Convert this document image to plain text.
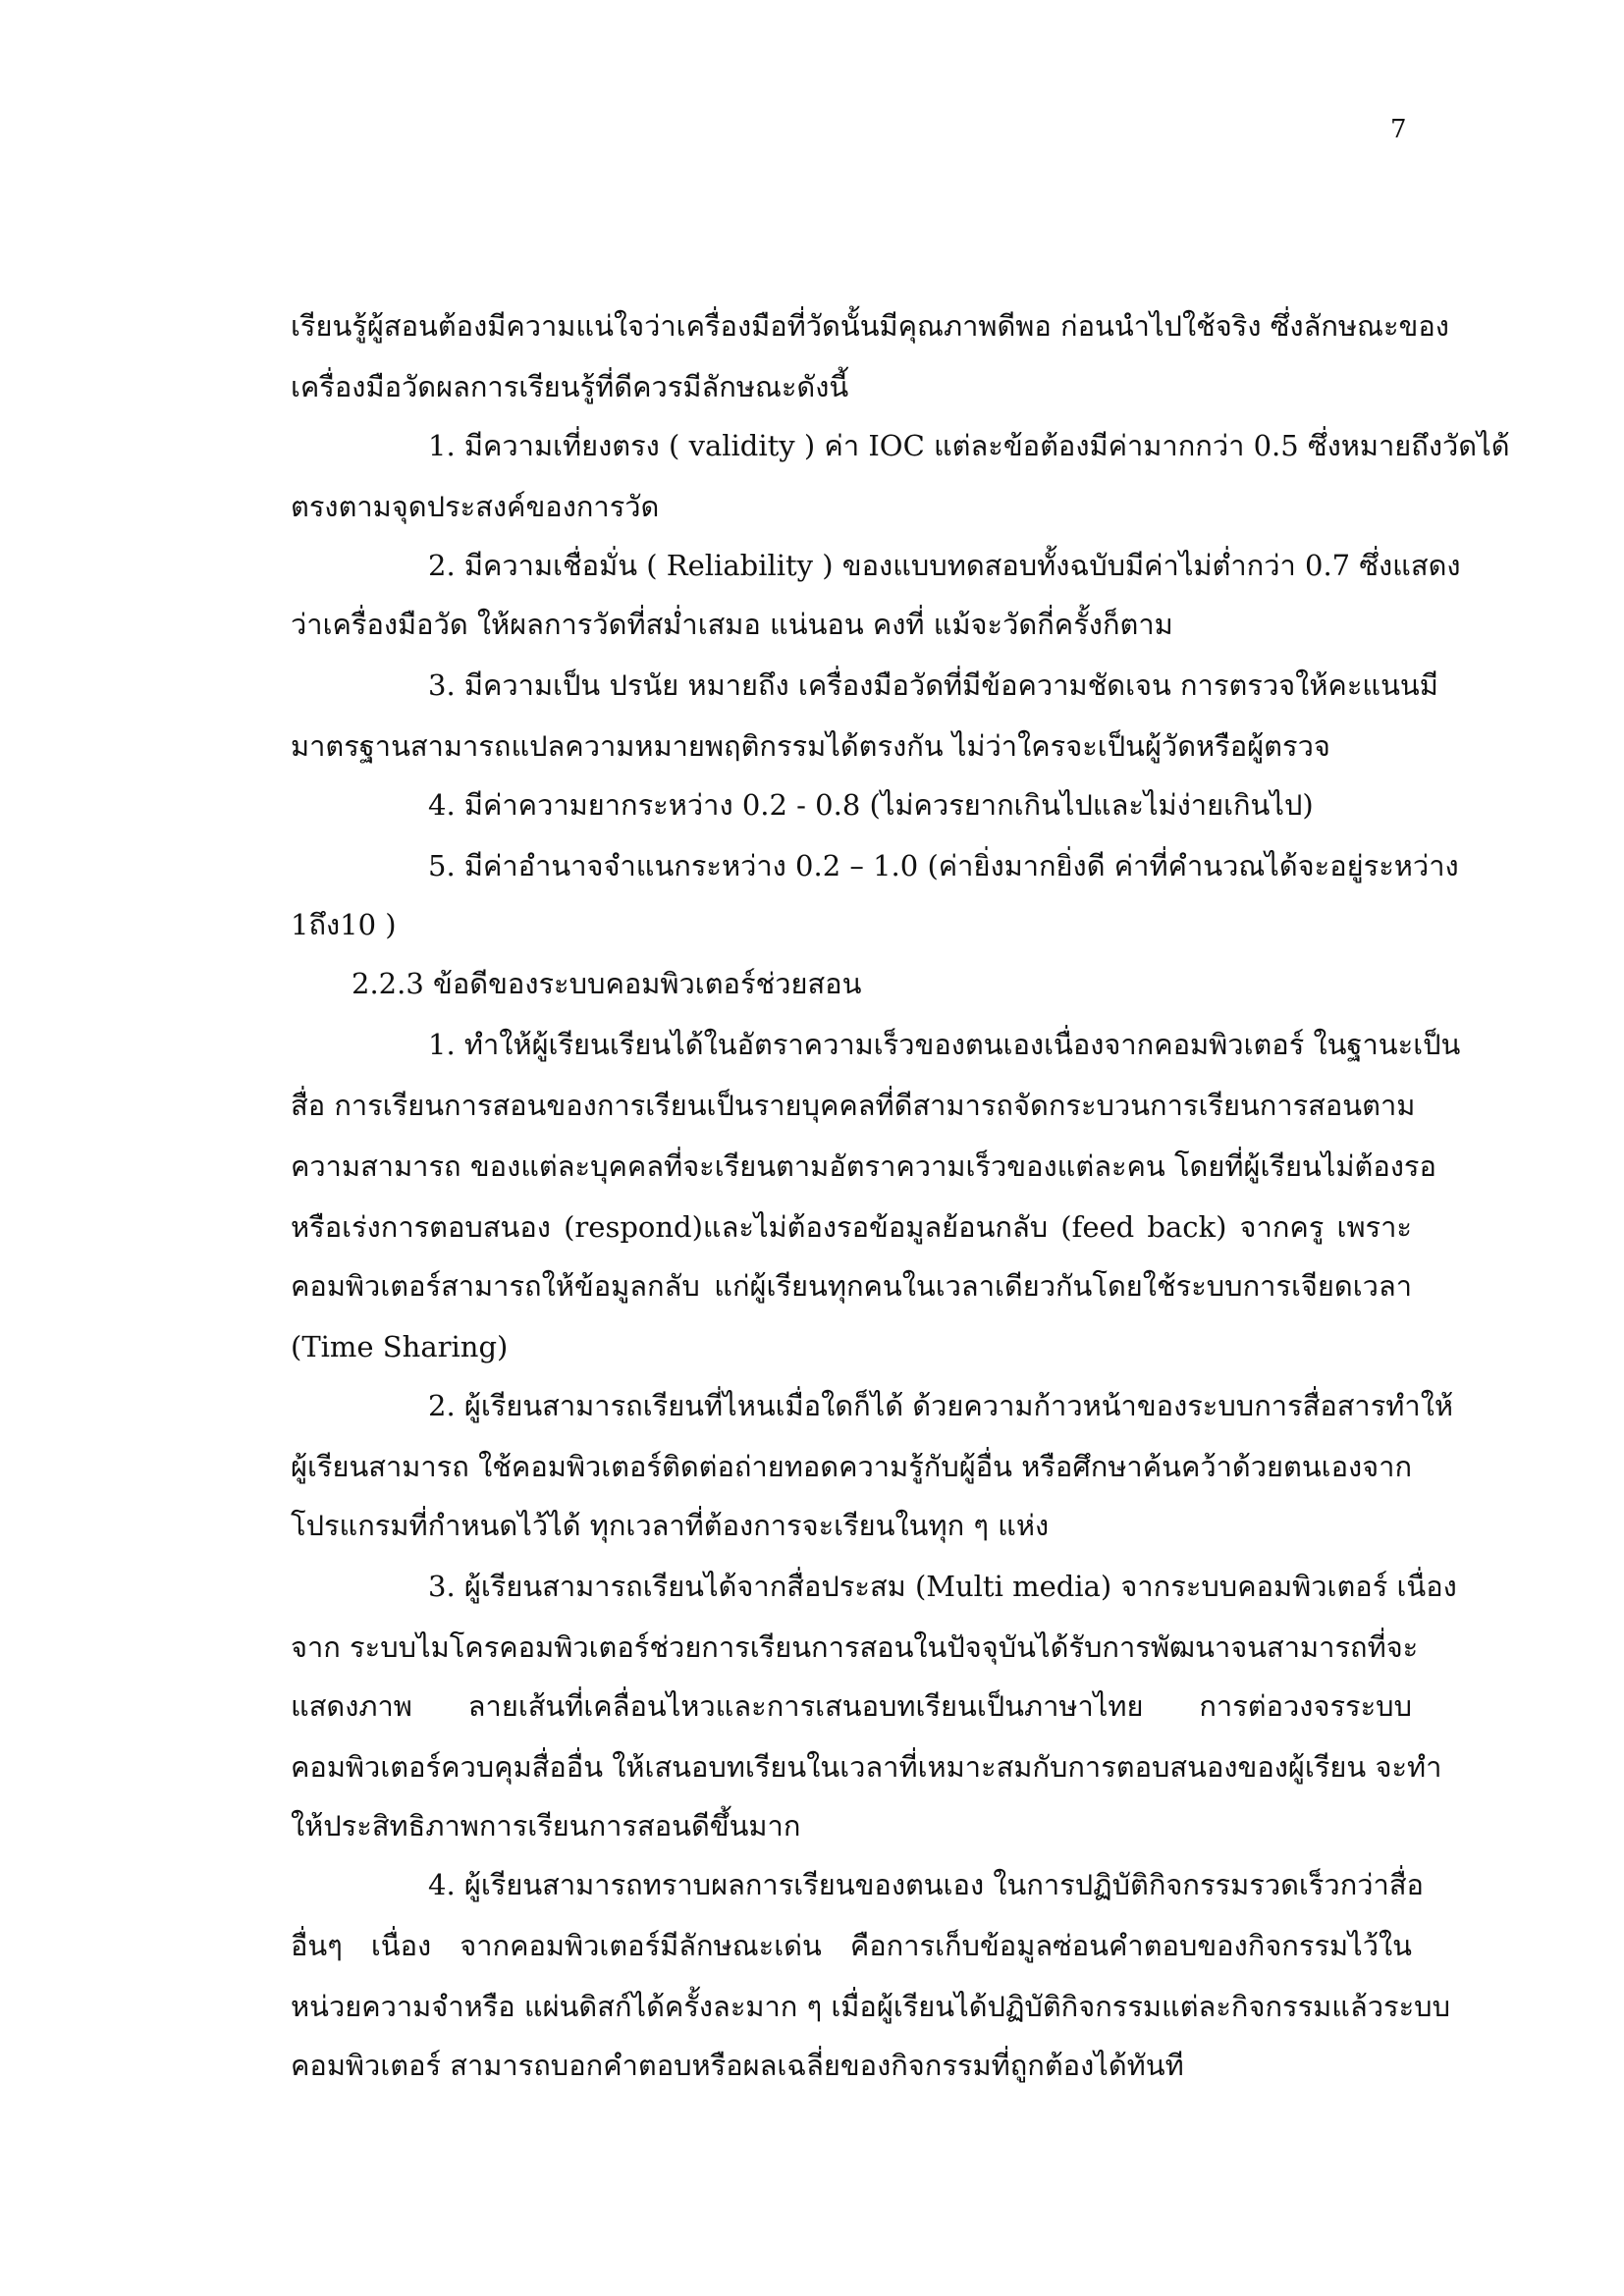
7
เรียนรู้ผู้สอนต้องมีความแน่ใจว่าเครื่องมือที่วัดนั้นมีคุณภาพดีพอ ก่อนนำไปใช้จริง ซึ่งลักษณะของ
เครื่องมือวัดผลการเรียนรู้ที่ดีควรมีลักษณะดังนี้
1. มีความเที่ยงตรง ( validity ) ค่า IOC แต่ละข้อต้องมีค่ามากกว่า 0.5 ซึ่งหมายถึงวัดได้
ตรงตามจุดประสงค์ของการวัด
2. มีความเชื่อมั่น ( Reliability ) ของแบบทดสอบทั้งฉบับมีค่าไม่ต่ำกว่า 0.7 ซึ่งแสดง
ว่าเครื่องมือวัด ให้ผลการวัดที่สม่ำเสมอ แน่นอน คงที่ แม้จะวัดกี่ครั้งก็ตาม
3. มีความเป็น ปรนัย หมายถึง เครื่องมือวัดที่มีข้อความชัดเจน การตรวจให้คะแนนมี
มาตรฐานสามารถแปลความหมายพฤติกรรมได้ตรงกัน ไม่ว่าใครจะเป็นผู้วัดหรือผู้ตรวจ
4. มีค่าความยากระหว่าง 0.2 - 0.8 (ไม่ควรยากเกินไปและไม่ง่ายเกินไป)
5. มีค่าอำนาจจำแนกระหว่าง 0.2 – 1.0 (ค่ายิ่งมากยิ่งดี ค่าที่คำนวณได้จะอยู่ระหว่าง
1ถึง10 )
2.2.3 ข้อดีของระบบคอมพิวเตอร์ช่วยสอน
1. ทำให้ผู้เรียนเรียนได้ในอัตราความเร็วของตนเองเนื่องจากคอมพิวเตอร์ ในฐานะเป็น
สื่อ การเรียนการสอนของการเรียนเป็นรายบุคคลที่ดีสามารถจัดกระบวนการเรียนการสอนตาม
ความสามารถ ของแต่ละบุคคลที่จะเรียนตามอัตราความเร็วของแต่ละคน โดยที่ผู้เรียนไม่ต้องรอ
หรือเร่งการตอบสนอง (respond)และไม่ต้องรอข้อมูลย้อนกลับ (feed back) จากครู เพราะ
คอมพิวเตอร์สามารถให้ข้อมูลกลับ แก่ผู้เรียนทุกคนในเวลาเดียวกันโดยใช้ระบบการเจียดเวลา
(Time Sharing)
2. ผู้เรียนสามารถเรียนที่ไหนเมื่อใดก็ได้ ด้วยความก้าวหน้าของระบบการสื่อสารทำให้
ผู้เรียนสามารถ ใช้คอมพิวเตอร์ติดต่อถ่ายทอดความรู้กับผู้อื่น หรือศึกษาค้นคว้าด้วยตนเองจาก
โปรแกรมที่กำหนดไว้ได้ ทุกเวลาที่ต้องการจะเรียนในทุก ๆ แห่ง
3. ผู้เรียนสามารถเรียนได้จากสื่อประสม (Multi media) จากระบบคอมพิวเตอร์ เนื่อง
จาก ระบบไมโครคอมพิวเตอร์ช่วยการเรียนการสอนในปัจจุบันได้รับการพัฒนาจนสามารถที่จะ
แสดงภาพ ลายเส้นที่เคลื่อนไหวและการเสนอบทเรียนเป็นภาษาไทย การต่อวงจรระบบ
คอมพิวเตอร์ควบคุมสื่ออื่น ให้เสนอบทเรียนในเวลาที่เหมาะสมกับการตอบสนองของผู้เรียน จะทำ
ให้ประสิทธิภาพการเรียนการสอนดีขึ้นมาก
4. ผู้เรียนสามารถทราบผลการเรียนของตนเอง ในการปฏิบัติกิจกรรมรวดเร็วกว่าสื่อ
อื่นๆ เนื่อง จากคอมพิวเตอร์มีลักษณะเด่น คือการเก็บข้อมูลซ่อนคำตอบของกิจกรรมไว้ใน
หน่วยความจำหรือ แผ่นดิสก์ได้ครั้งละมาก ๆ เมื่อผู้เรียนได้ปฏิบัติกิจกรรมแต่ละกิจกรรมแล้วระบบ
คอมพิวเตอร์ สามารถบอกคำตอบหรือผลเฉลี่ยของกิจกรรมที่ถูกต้องได้ทันที
